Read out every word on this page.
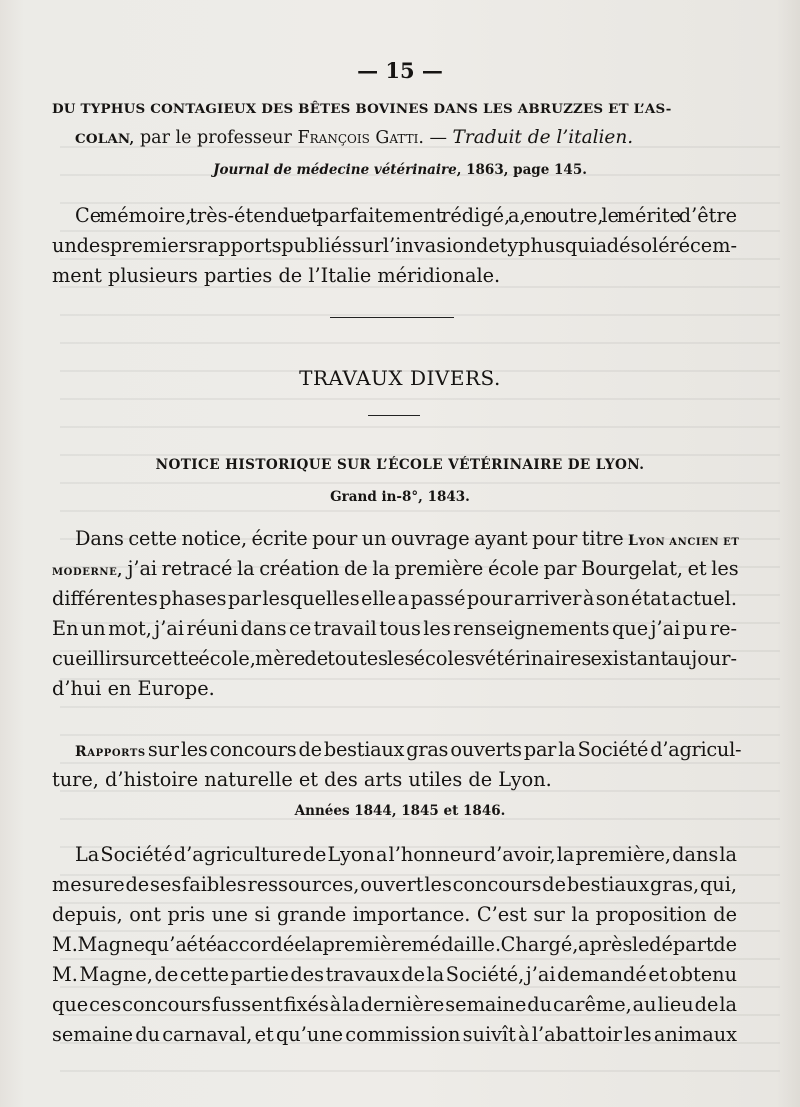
— 15 —
DU TYPHUS CONTAGIEUX DES BÊTES BOVINES DANS LES ABRUZZES ET L’AS-
COLAN, par le professeur François Gatti. — Traduit de l’italien.
Journal de médecine vétérinaire, 1863, page 145.
Ce mémoire, très-étendu et parfaitement rédigé, a, en outre, le mérite d’être
un des premiers rapports publiés sur l’invasion de typhus qui a désolé récem-
ment plusieurs parties de l’Italie méridionale.
TRAVAUX DIVERS.
NOTICE HISTORIQUE SUR L’ÉCOLE VÉTÉRINAIRE DE LYON.
Grand in-8°, 1843.
Dans cette notice, écrite pour un ouvrage ayant pour titre Lyon ancien et
moderne, j’ai retracé la création de la première école par Bourgelat, et les
différentes phases par lesquelles elle a passé pour arriver à son état actuel.
En un mot, j’ai réuni dans ce travail tous les renseignements que j’ai pu re-
cueillir sur cette école, mère de toutes les écoles vétérinaires existant aujour-
d’hui en Europe.
Rapports sur les concours de bestiaux gras ouverts par la Société d’agricul-
ture, d’histoire naturelle et des arts utiles de Lyon.
Années 1844, 1845 et 1846.
La Société d’agriculture de Lyon a l’honneur d’avoir, la première, dans la
mesure de ses faibles ressources, ouvert les concours de bestiaux gras, qui,
depuis, ont pris une si grande importance. C’est sur la proposition de
M. Magne qu’a été accordée la première médaille. Chargé, après le départ de
M. Magne, de cette partie des travaux de la Société, j’ai demandé et obtenu
que ces concours fussent fixés à la dernière semaine du carême, au lieu de la
semaine du carnaval, et qu’une commission suivît à l’abattoir les animaux
